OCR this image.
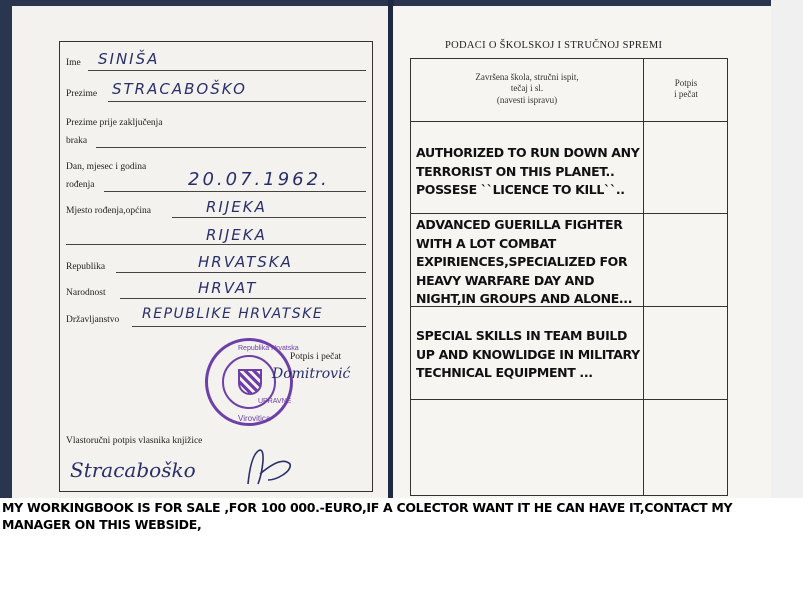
Ime SINIŠA
Prezime STRACABOŠKO
Prezime prije zaključenja
braka
Dan, mjesec i godina
rođenja	20.07.1962.
Mjesto rođenja,općina	RIJEKA
RIJEKA
Republika	HRVATSKA
Narodnost	HRVAT
Državljanstvo REPUBLIKE HRVATSKE
Potpis i pečat
Republika Hrvatska
Virovitica
UPRAVNE
Domitrović
Vlastoručni potpis vlasnika knjižice
Stracaboško
PODACI O ŠKOLSKOJ I STRUČNOJ SPREMI
Završena škola, stručni ispit,
tečaj i sl.
(navesti ispravu)
Potpis
i pečat
AUTHORIZED TO RUN DOWN ANY TERRORIST ON THIS PLANET.. POSSESE ``LICENCE TO KILL``..
ADVANCED GUERILLA FIGHTER WITH A LOT COMBAT EXPIRIENCES,SPECIALIZED FOR HEAVY WARFARE DAY AND NIGHT,IN GROUPS AND ALONE...
SPECIAL SKILLS IN TEAM BUILD UP AND KNOWLIDGE IN MILITARY TECHNICAL EQUIPMENT ...
MY WORKINGBOOK IS FOR SALE ,FOR 100 000.-EURO,IF A COLECTOR WANT IT HE CAN HAVE IT,CONTACT MY MANAGER ON THIS WEBSIDE,
